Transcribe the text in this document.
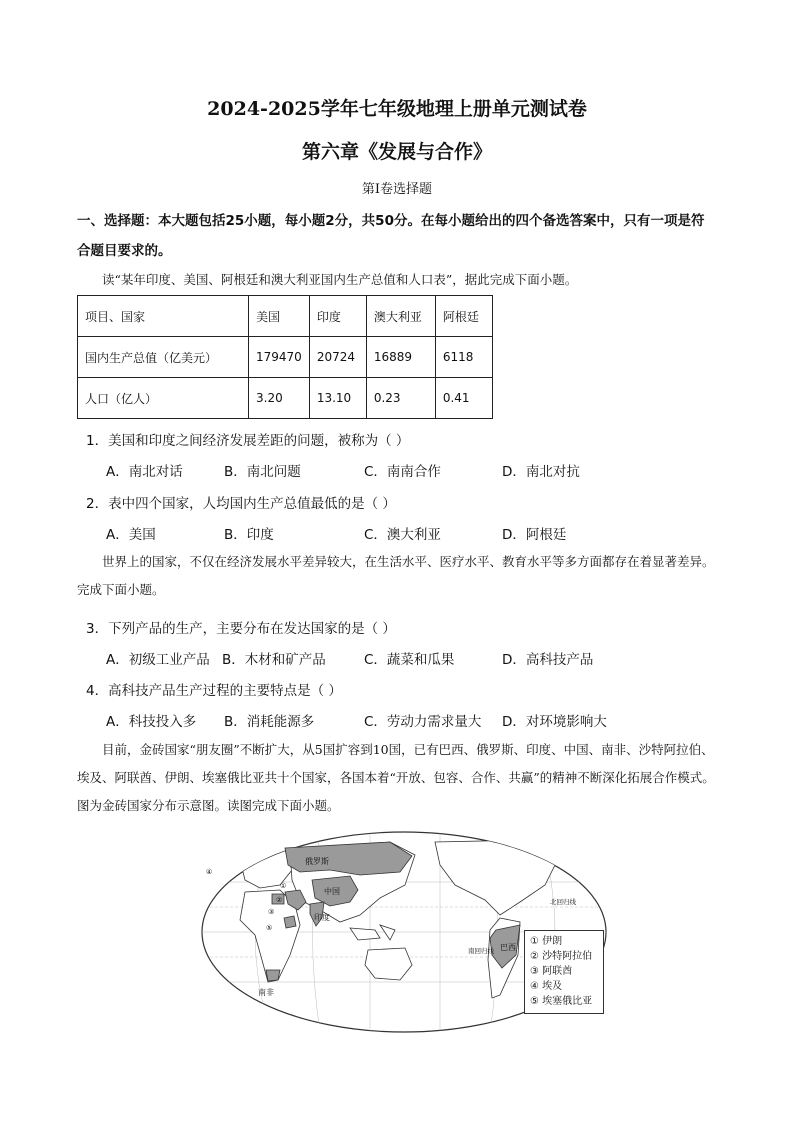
2024-2025学年七年级地理上册单元测试卷
第六章《发展与合作》
第Ⅰ卷选择题
一、选择题：本大题包括25小题，每小题2分，共50分。在每小题给出的四个备选答案中，只有一项是符合题目要求的。
读“某年印度、美国、阿根廷和澳大利亚国内生产总值和人口表”，据此完成下面小题。
项目、国家	美国	印度	澳大利亚	阿根廷
国内生产总值（亿美元）	179470	20724	16889	6118
人口（亿人）	3.20	13.10	0.23	0.41
1．美国和印度之间经济发展差距的问题，被称为（ ）
A．南北对话	B．南北问题	C．南南合作	D．南北对抗
2．表中四个国家，人均国内生产总值最低的是（ ）
A．美国	B．印度	C．澳大利亚	D．阿根廷
世界上的国家，不仅在经济发展水平差异较大，在生活水平、医疗水平、教育水平等多方面都存在着显著差异。完成下面小题。
3．下列产品的生产，主要分布在发达国家的是（ ）
A．初级工业产品 B．木材和矿产品	C．蔬菜和瓜果	D．高科技产品
4．高科技产品生产过程的主要特点是（ ）
A．科技投入多 B．消耗能源多	C．劳动力需求量大 D．对环境影响大
目前，金砖国家“朋友圈”不断扩大，从5国扩容到10国，已有巴西、俄罗斯、印度、中国、南非、沙特阿拉伯、埃及、阿联酋、伊朗、埃塞俄比亚共十个国家，各国本着“开放、包容、合作、共赢”的精神不断深化拓展合作模式。图为金砖国家分布示意图。读图完成下面小题。
俄罗斯
中国
印度
巴西
南非
北回归线
南回归线
①
②
③
④
⑤
① 伊朗
② 沙特阿拉伯
③ 阿联酋
④ 埃及
⑤ 埃塞俄比亚
